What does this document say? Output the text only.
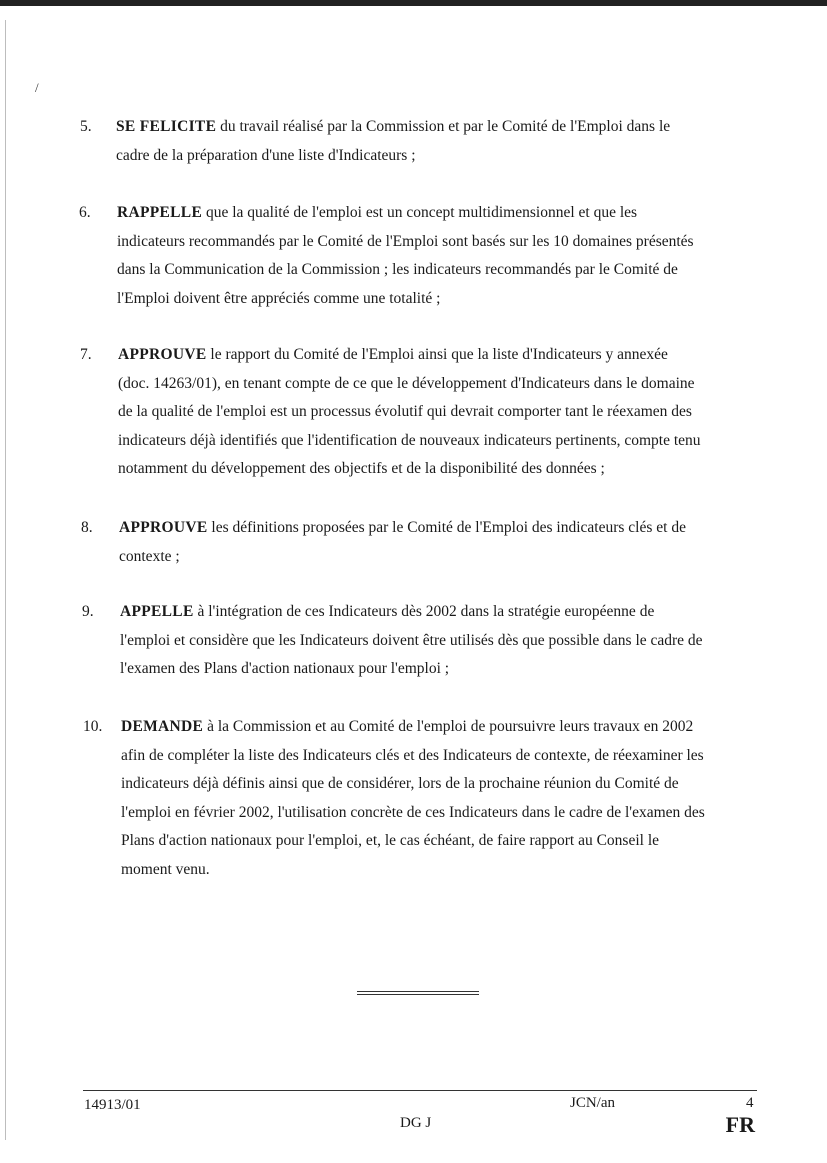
/
5.	SE FELICITE du travail réalisé par la Commission et par le Comité de l'Emploi dans le
cadre de la préparation d'une liste d'Indicateurs ;
6.	RAPPELLE que la qualité de l'emploi est un concept multidimensionnel et que les
indicateurs recommandés par le Comité de l'Emploi sont basés sur les 10 domaines présentés
dans la Communication de la Commission ; les indicateurs recommandés par le Comité de
l'Emploi doivent être appréciés comme une totalité ;
7.	APPROUVE le rapport du Comité de l'Emploi ainsi que la liste d'Indicateurs y annexée
(doc. 14263/01), en tenant compte de ce que le développement d'Indicateurs dans le domaine
de la qualité de l'emploi est un processus évolutif qui devrait comporter tant le réexamen des
indicateurs déjà identifiés que l'identification de nouveaux indicateurs pertinents, compte tenu
notamment du développement des objectifs et de la disponibilité des données ;
8.	APPROUVE les définitions proposées par le Comité de l'Emploi des indicateurs clés et de
contexte ;
9.	APPELLE à l'intégration de ces Indicateurs dès 2002 dans la stratégie européenne de
l'emploi et considère que les Indicateurs doivent être utilisés dès que possible dans le cadre de
l'examen des Plans d'action nationaux pour l'emploi ;
10.	DEMANDE à la Commission et au Comité de l'emploi de poursuivre leurs travaux en 2002
afin de compléter la liste des Indicateurs clés et des Indicateurs de contexte, de réexaminer les
indicateurs déjà définis ainsi que de considérer, lors de la prochaine réunion du Comité de
l'emploi en février 2002, l'utilisation concrète de ces Indicateurs dans le cadre de l'examen des
Plans d'action nationaux pour l'emploi, et, le cas échéant, de faire rapport au Conseil le
moment venu.
14913/01	JCN/an	4
DG J	FR
